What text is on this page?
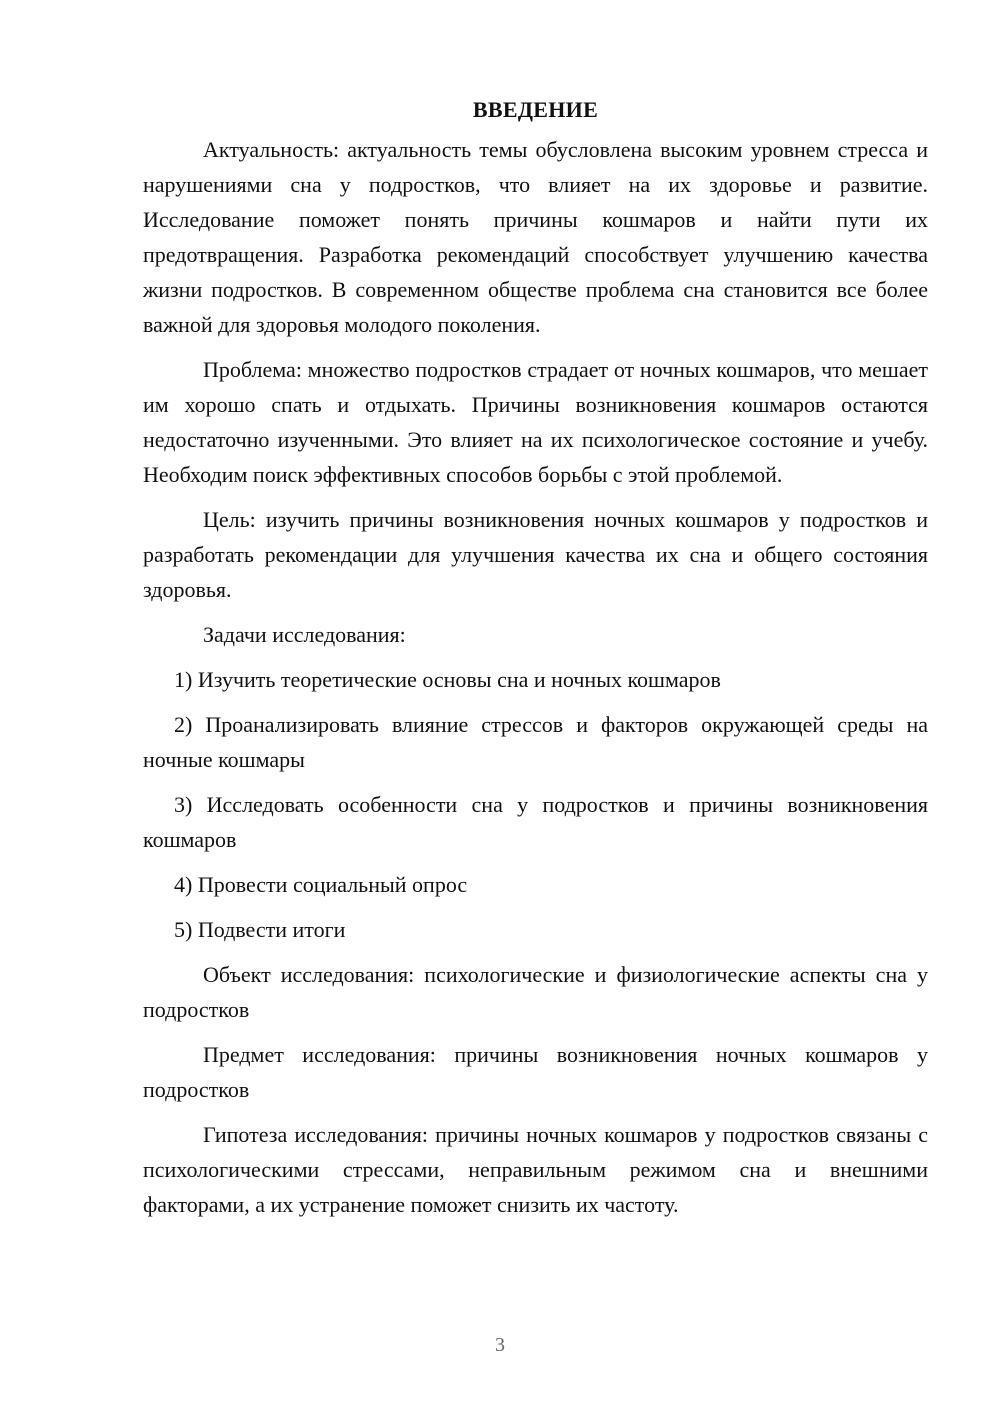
ВВЕДЕНИЕ

Актуальность: актуальность темы обусловлена высоким уровнем стресса и нарушениями сна у подростков, что влияет на их здоровье и развитие. Исследование поможет понять причины кошмаров и найти пути их предотвращения. Разработка рекомендаций способствует улучшению качества жизни подростков. В современном обществе проблема сна становится все более важной для здоровья молодого поколения.

Проблема: множество подростков страдает от ночных кошмаров, что мешает им хорошо спать и отдыхать. Причины возникновения кошмаров остаются недостаточно изученными. Это влияет на их психологическое состояние и учебу. Необходим поиск эффективных способов борьбы с этой проблемой.

Цель: изучить причины возникновения ночных кошмаров у подростков и разработать рекомендации для улучшения качества их сна и общего состояния здоровья.

Задачи исследования:

1) Изучить теоретические основы сна и ночных кошмаров

2) Проанализировать влияние стрессов и факторов окружающей среды на ночные кошмары

3) Исследовать особенности сна у подростков и причины возникновения кошмаров

4) Провести социальный опрос

5) Подвести итоги

Объект исследования: психологические и физиологические аспекты сна у подростков

Предмет исследования: причины возникновения ночных кошмаров у подростков

Гипотеза исследования: причины ночных кошмаров у подростков связаны с психологическими стрессами, неправильным режимом сна и внешними факторами, а их устранение поможет снизить их частоту.

3
